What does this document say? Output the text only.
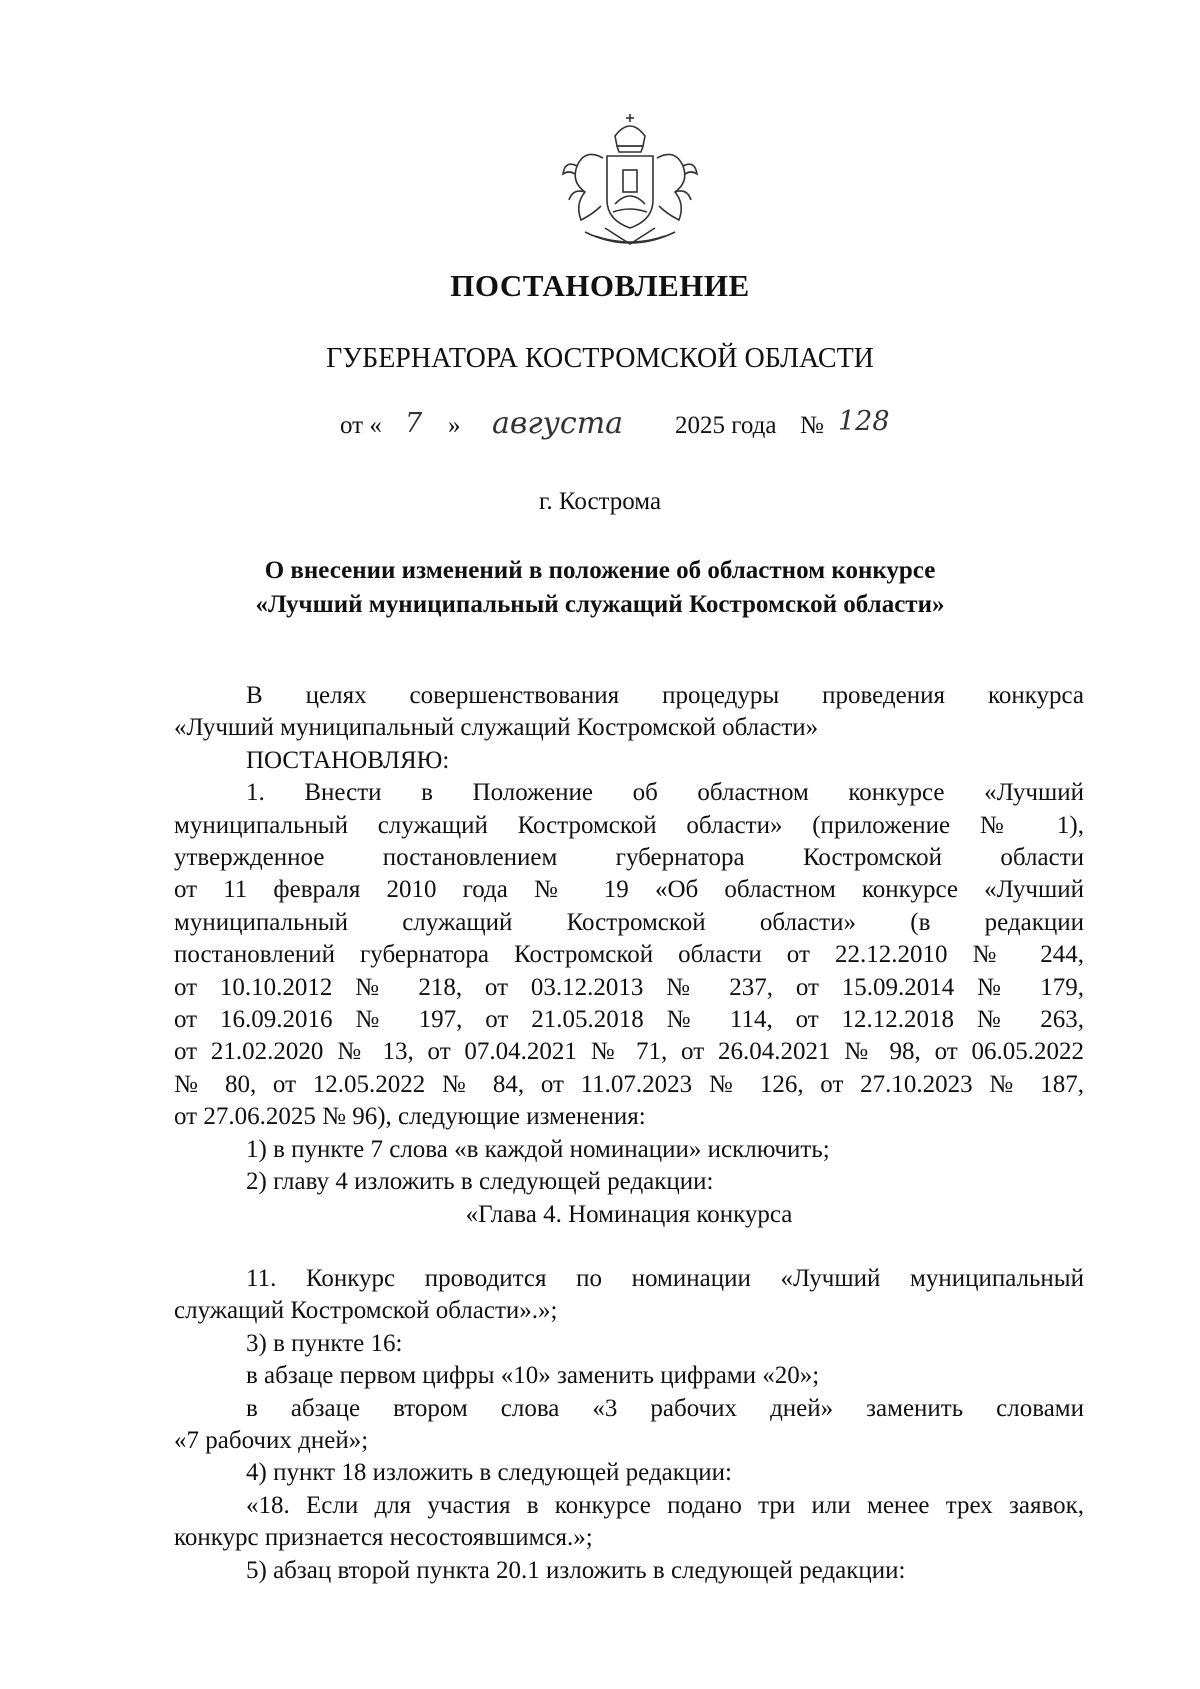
ПОСТАНОВЛЕНИЕ
ГУБЕРНАТОРА КОСТРОМСКОЙ ОБЛАСТИ
от « 7 » августа 2025 года № 128
г. Кострома
О внесении изменений в положение об областном конкурсе
«Лучший муниципальный служащий Костромской области»

В целях совершенствования процедуры проведения конкурса

«Лучший муниципальный служащий Костромской области»

ПОСТАНОВЛЯЮ:

1. Внести в Положение об областном конкурсе «Лучший

муниципальный служащий Костромской области» (приложение № 1),

утвержденное постановлением губернатора Костромской области

от 11 февраля 2010 года № 19 «Об областном конкурсе «Лучший

муниципальный служащий Костромской области» (в редакции

постановлений губернатора Костромской области от 22.12.2010 № 244,

от 10.10.2012 № 218, от 03.12.2013 № 237, от 15.09.2014 № 179,

от 16.09.2016 № 197, от 21.05.2018 № 114, от 12.12.2018 № 263,

от 21.02.2020 № 13, от 07.04.2021 № 71, от 26.04.2021 № 98, от 06.05.2022

№ 80, от 12.05.2022 № 84, от 11.07.2023 № 126, от 27.10.2023 № 187,

от 27.06.2025 № 96), следующие изменения:

1) в пункте 7 слова «в каждой номинации» исключить;

2) главу 4 изложить в следующей редакции:

«Глава 4. Номинация конкурса

11. Конкурс проводится по номинации «Лучший муниципальный

служащий Костромской области».»;

3) в пункте 16:

в абзаце первом цифры «10» заменить цифрами «20»;

в абзаце втором слова «3 рабочих дней» заменить словами

«7 рабочих дней»;

4) пункт 18 изложить в следующей редакции:

«18. Если для участия в конкурсе подано три или менее трех заявок,

конкурс признается несостоявшимся.»;

5) абзац второй пункта 20.1 изложить в следующей редакции:
